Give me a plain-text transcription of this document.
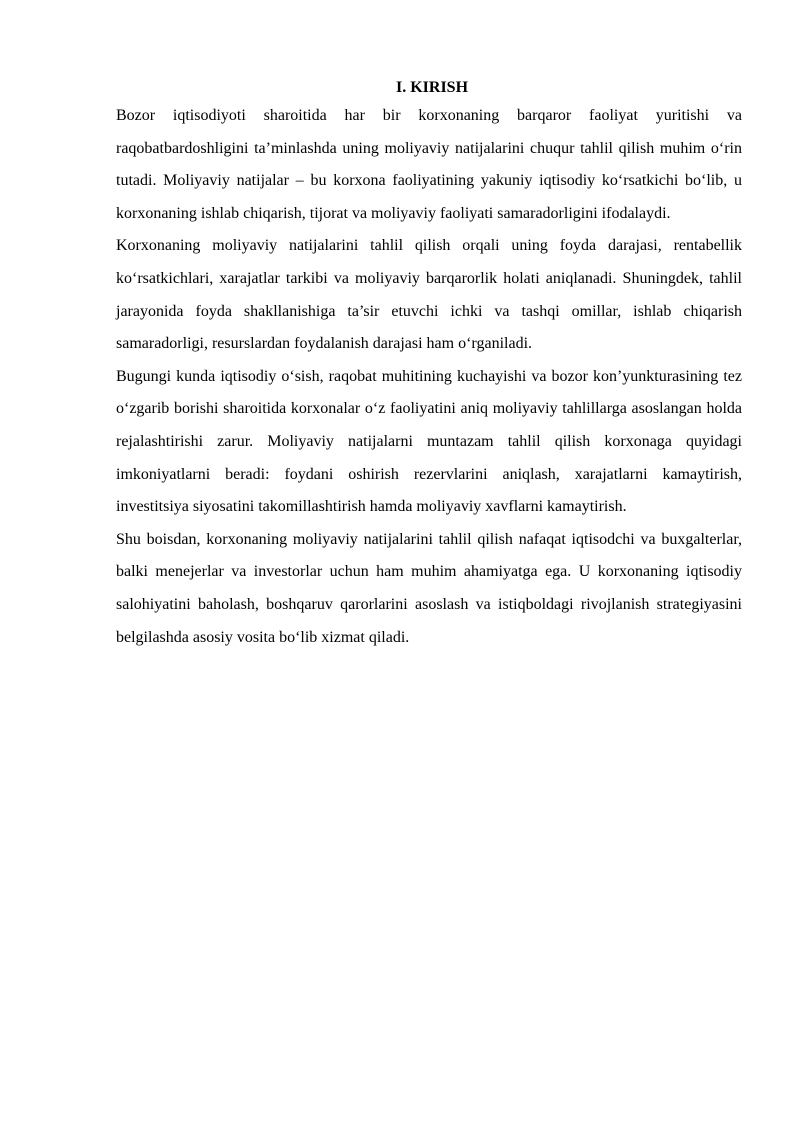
I. KIRISH

Bozor iqtisodiyoti sharoitida har bir korxonaning barqaror faoliyat yuritishi va raqobatbardoshligini ta’minlashda uning moliyaviy natijalarini chuqur tahlil qilish muhim o‘rin tutadi. Moliyaviy natijalar – bu korxona faoliyatining yakuniy iqtisodiy ko‘rsatkichi bo‘lib, u korxonaning ishlab chiqarish, tijorat va moliyaviy faoliyati samaradorligini ifodalaydi.

Korxonaning moliyaviy natijalarini tahlil qilish orqali uning foyda darajasi, rentabellik ko‘rsatkichlari, xarajatlar tarkibi va moliyaviy barqarorlik holati aniqlanadi. Shuningdek, tahlil jarayonida foyda shakllanishiga ta’sir etuvchi ichki va tashqi omillar, ishlab chiqarish samaradorligi, resurslardan foydalanish darajasi ham o‘rganiladi.

Bugungi kunda iqtisodiy o‘sish, raqobat muhitining kuchayishi va bozor kon’yunkturasining tez o‘zgarib borishi sharoitida korxonalar o‘z faoliyatini aniq moliyaviy tahlillarga asoslangan holda rejalashtirishi zarur. Moliyaviy natijalarni muntazam tahlil qilish korxonaga quyidagi imkoniyatlarni beradi: foydani oshirish rezervlarini aniqlash, xarajatlarni kamaytirish, investitsiya siyosatini takomillashtirish hamda moliyaviy xavflarni kamaytirish.

Shu boisdan, korxonaning moliyaviy natijalarini tahlil qilish nafaqat iqtisodchi va buxgalterlar, balki menejerlar va investorlar uchun ham muhim ahamiyatga ega. U korxonaning iqtisodiy salohiyatini baholash, boshqaruv qarorlarini asoslash va istiqboldagi rivojlanish strategiyasini belgilashda asosiy vosita bo‘lib xizmat qiladi.
